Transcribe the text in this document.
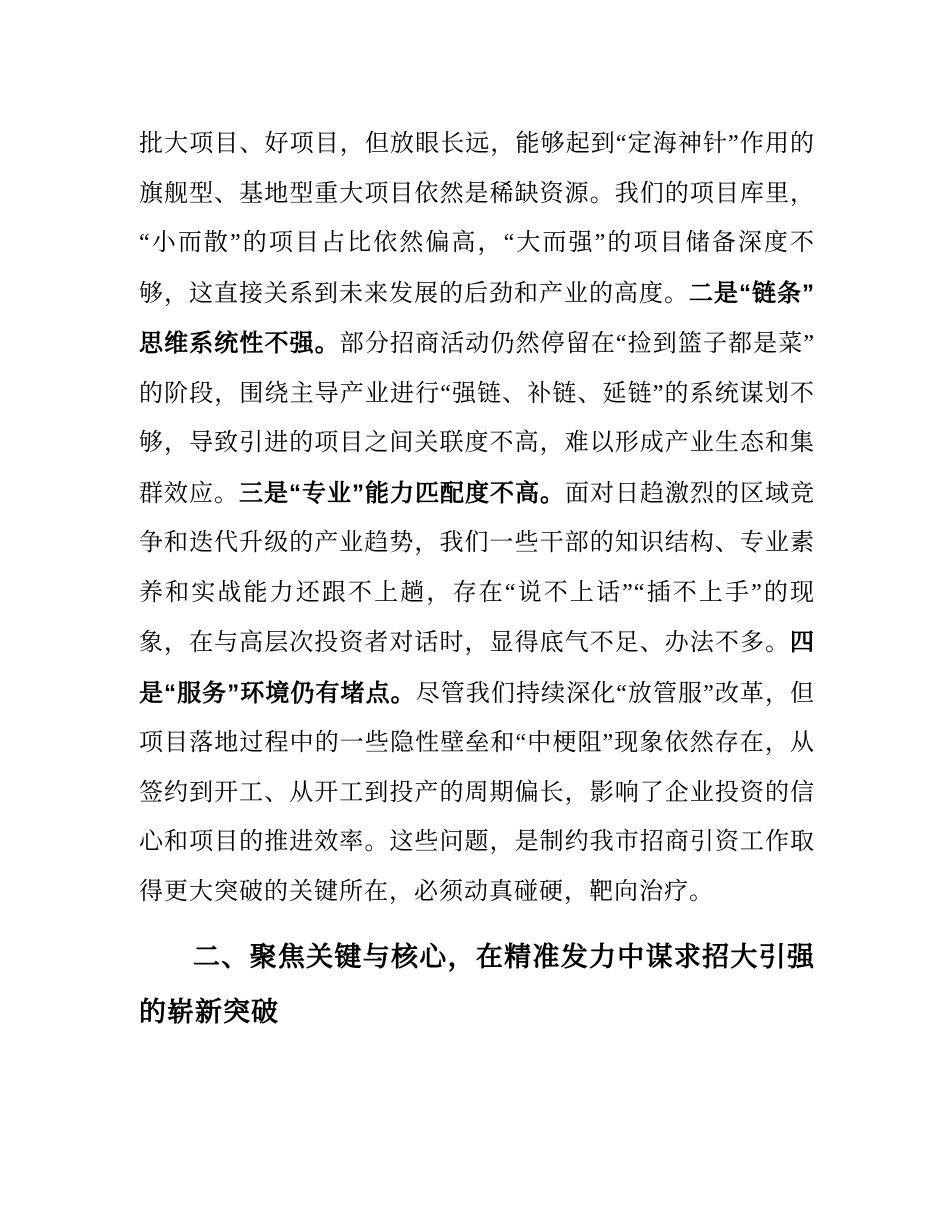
批大项目、好项目，但放眼长远，能够起到“定海神针”作用的旗舰型、基地型重大项目依然是稀缺资源。我们的项目库里，“小而散”的项目占比依然偏高，“大而强”的项目储备深度不够，这直接关系到未来发展的后劲和产业的高度。二是“链条”思维系统性不强。部分招商活动仍然停留在“捡到篮子都是菜”的阶段，围绕主导产业进行“强链、补链、延链”的系统谋划不够，导致引进的项目之间关联度不高，难以形成产业生态和集群效应。三是“专业”能力匹配度不高。面对日趋激烈的区域竞争和迭代升级的产业趋势，我们一些干部的知识结构、专业素养和实战能力还跟不上趟，存在“说不上话”“插不上手”的现象，在与高层次投资者对话时，显得底气不足、办法不多。四是“服务”环境仍有堵点。尽管我们持续深化“放管服”改革，但项目落地过程中的一些隐性壁垒和“中梗阻”现象依然存在，从签约到开工、从开工到投产的周期偏长，影响了企业投资的信心和项目的推进效率。这些问题，是制约我市招商引资工作取得更大突破的关键所在，必须动真碰硬，靶向治疗。

二、聚焦关键与核心，在精准发力中谋求招大引强的崭新突破
